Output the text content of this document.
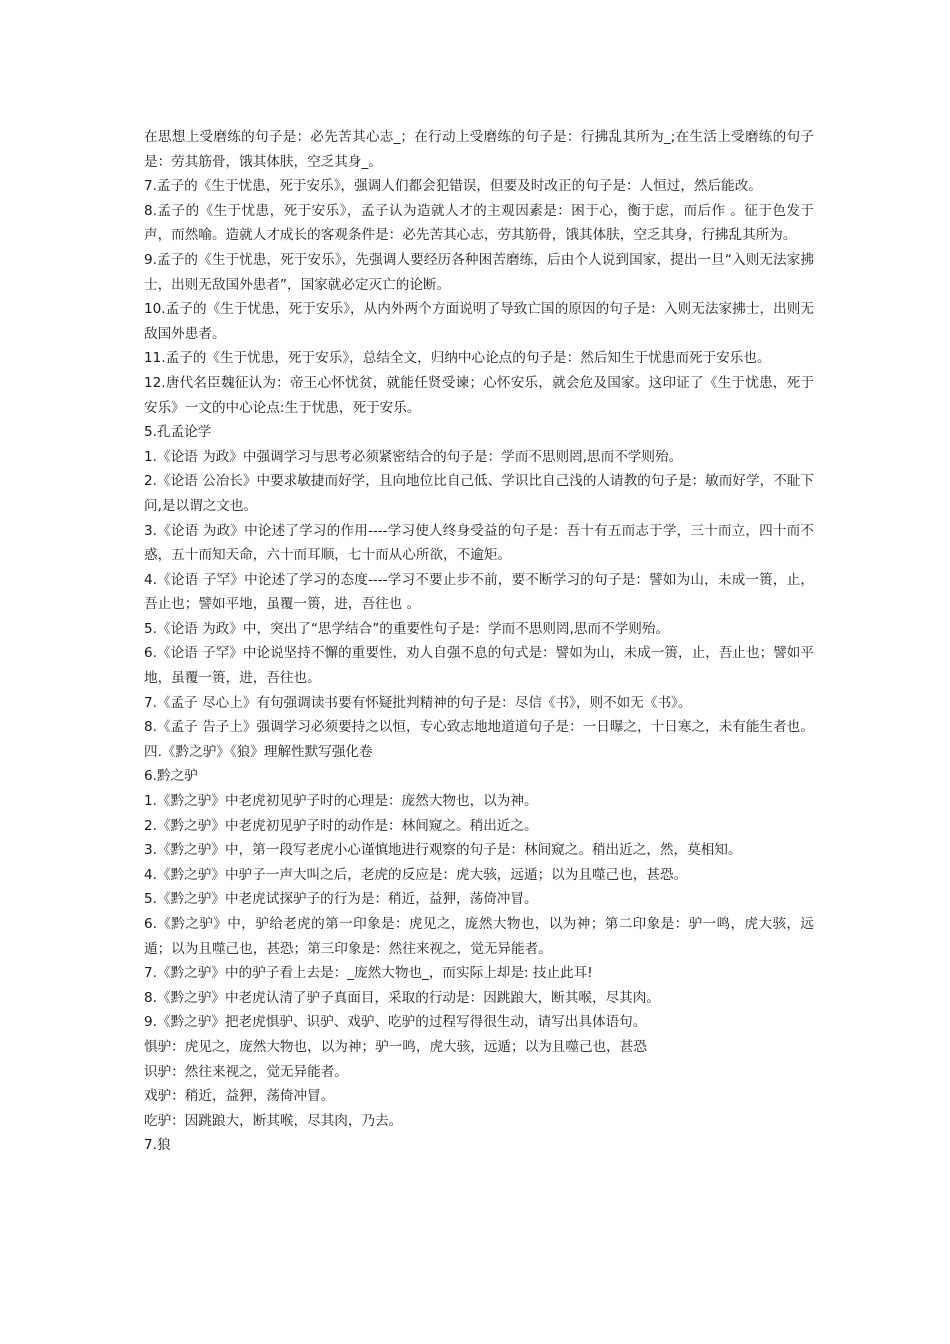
在思想上受磨练的句子是：必先苦其心志_；在行动上受磨练的句子是：行拂乱其所为_;在生活上受磨练的句子是：劳其筋骨，饿其体肤，空乏其身_。

7.孟子的《生于忧患，死于安乐》，强调人们都会犯错误，但要及时改正的句子是：人恒过，然后能改。

8.孟子的《生于忧患，死于安乐》，孟子认为造就人才的主观因素是：困于心，衡于虑，而后作 。征于色发于声，而然喻。造就人才成长的客观条件是：必先苦其心志，劳其筋骨，饿其体肤，空乏其身，行拂乱其所为。

9.孟子的《生于忧患，死于安乐》，先强调人要经历各种困苦磨练，后由个人说到国家，提出一旦“入则无法家拂士，出则无敌国外患者”，国家就必定灭亡的论断。

10.孟子的《生于忧患，死于安乐》，从内外两个方面说明了导致亡国的原因的句子是：入则无法家拂士，出则无敌国外患者。

11.孟子的《生于忧患，死于安乐》，总结全文，归纳中心论点的句子是：然后知生于忧患而死于安乐也。

12.唐代名臣魏征认为：帝王心怀忧贫，就能任贤受谏；心怀安乐，就会危及国家。这印证了《生于忧患，死于安乐》一文的中心论点:生于忧患，死于安乐。

5.孔孟论学

1.《论语 为政》中强调学习与思考必须紧密结合的句子是：学而不思则罔,思而不学则殆。

2.《论语 公冶长》中要求敏捷而好学，且向地位比自己低、学识比自己浅的人请教的句子是：敏而好学，不耻下问,是以谓之文也。

3.《论语 为政》中论述了学习的作用----学习使人终身受益的句子是：吾十有五而志于学，三十而立，四十而不惑，五十而知天命，六十而耳顺，七十而从心所欲，不逾矩。

4.《论语 子罕》中论述了学习的态度----学习不要止步不前，要不断学习的句子是：譬如为山，未成一篑，止，吾止也；譬如平地，虽覆一篑，进，吾往也 。

5.《论语 为政》中，突出了“思学结合”的重要性句子是：学而不思则罔,思而不学则殆。

6.《论语 子罕》中论说坚持不懈的重要性，劝人自强不息的句式是：譬如为山，未成一篑，止，吾止也；譬如平地，虽覆一篑，进，吾往也。

7.《孟子 尽心上》有句强调读书要有怀疑批判精神的句子是：尽信《书》，则不如无《书》。

8.《孟子 告子上》强调学习必须要持之以恒，专心致志地地道道句子是：一日曝之，十日寒之，未有能生者也。

四.《黔之驴》《狼》理解性默写强化卷

6.黔之驴

1.《黔之驴》中老虎初见驴子时的心理是：庞然大物也，以为神。

2.《黔之驴》中老虎初见驴子时的动作是：林间窥之。稍出近之。

3.《黔之驴》中，第一段写老虎小心谨慎地进行观察的句子是：林间窥之。稍出近之，然，莫相知。

4.《黔之驴》中驴子一声大叫之后，老虎的反应是：虎大骇，远遁；以为且噬己也，甚恐。

5.《黔之驴》中老虎试探驴子的行为是：稍近，益狎，荡倚冲冒。

6.《黔之驴》中，驴给老虎的第一印象是：虎见之，庞然大物也，以为神；第二印象是：驴一鸣，虎大骇，远遁；以为且噬己也，甚恐；第三印象是：然往来视之，觉无异能者。

7.《黔之驴》中的驴子看上去是：_庞然大物也_，而实际上却是: 技止此耳!

8.《黔之驴》中老虎认清了驴子真面目，采取的行动是：因跳踉大，断其喉，尽其肉。

9.《黔之驴》把老虎惧驴、识驴、戏驴、吃驴的过程写得很生动，请写出具体语句。

惧驴：虎见之，庞然大物也，以为神；驴一鸣，虎大骇，远遁；以为且噬己也，甚恐

识驴：然往来视之，觉无异能者。

戏驴：稍近，益狎，荡倚冲冒。

吃驴：因跳踉大，断其喉，尽其肉，乃去。

7.狼
